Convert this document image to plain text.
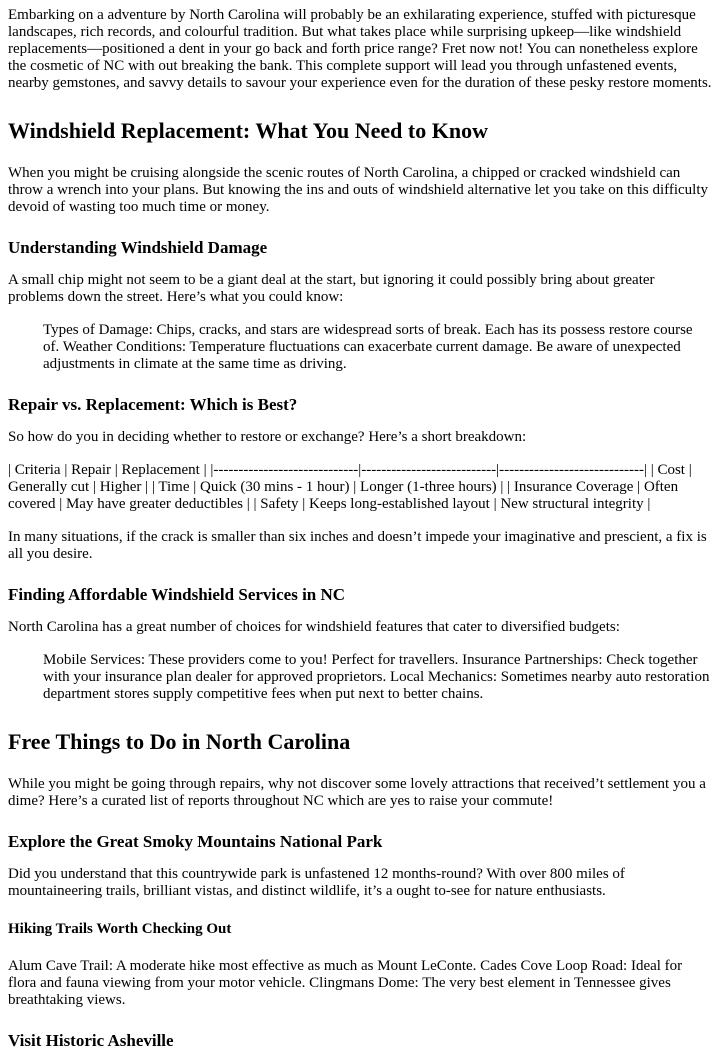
Embarking on a adventure by North Carolina will probably be an exhilarating experience, stuffed with picturesque landscapes, rich records, and colourful tradition. But what takes place while surprising upkeep—like windshield replacements—positioned a dent in your go back and forth price range? Fret now not! You can nonetheless explore the cosmetic of NC with out breaking the bank. This complete support will lead you through unfastened events, nearby gemstones, and savvy details to savour your experience even for the duration of these pesky restore moments.

Windshield Replacement: What You Need to Know

When you might be cruising alongside the scenic routes of North Carolina, a chipped or cracked windshield can throw a wrench into your plans. But knowing the ins and outs of windshield alternative let you take on this difficulty devoid of wasting too much time or money.

Understanding Windshield Damage

A small chip might not seem to be a giant deal at the start, but ignoring it could possibly bring about greater problems down the street. Here’s what you could know:

Types of Damage: Chips, cracks, and stars are widespread sorts of break. Each has its possess restore course of. Weather Conditions: Temperature fluctuations can exacerbate current damage. Be aware of unexpected adjustments in climate at the same time as driving.
Repair vs. Replacement: Which is Best?

So how do you in deciding whether to restore or exchange? Here’s a short breakdown:

| Criteria | Repair | Replacement | |-----------------------------|---------------------------|-----------------------------| | Cost | Generally cut | Higher | | Time | Quick (30 mins - 1 hour) | Longer (1-three hours) | | Insurance Coverage | Often covered | May have greater deductibles | | Safety | Keeps long-established layout | New structural integrity |

In many situations, if the crack is smaller than six inches and doesn’t impede your imaginative and prescient, a fix is all you desire.

Finding Affordable Windshield Services in NC

North Carolina has a great number of choices for windshield features that cater to diversified budgets:

Mobile Services: These providers come to you! Perfect for travellers. Insurance Partnerships: Check together with your insurance plan dealer for approved proprietors. Local Mechanics: Sometimes nearby auto restoration department stores supply competitive fees when put next to better chains.
Free Things to Do in North Carolina

While you might be going through repairs, why not discover some lovely attractions that received’t settlement you a dime? Here’s a curated list of reports throughout NC which are yes to raise your commute!

Explore the Great Smoky Mountains National Park

Did you understand that this countrywide park is unfastened 12 months-round? With over 800 miles of mountaineering trails, brilliant vistas, and distinct wildlife, it’s a ought to-see for nature enthusiasts.

Hiking Trails Worth Checking Out

Alum Cave Trail: A moderate hike most effective as much as Mount LeConte. Cades Cove Loop Road: Ideal for flora and fauna viewing from your motor vehicle. Clingmans Dome: The very best element in Tennessee gives breathtaking views.

Visit Historic Asheville
